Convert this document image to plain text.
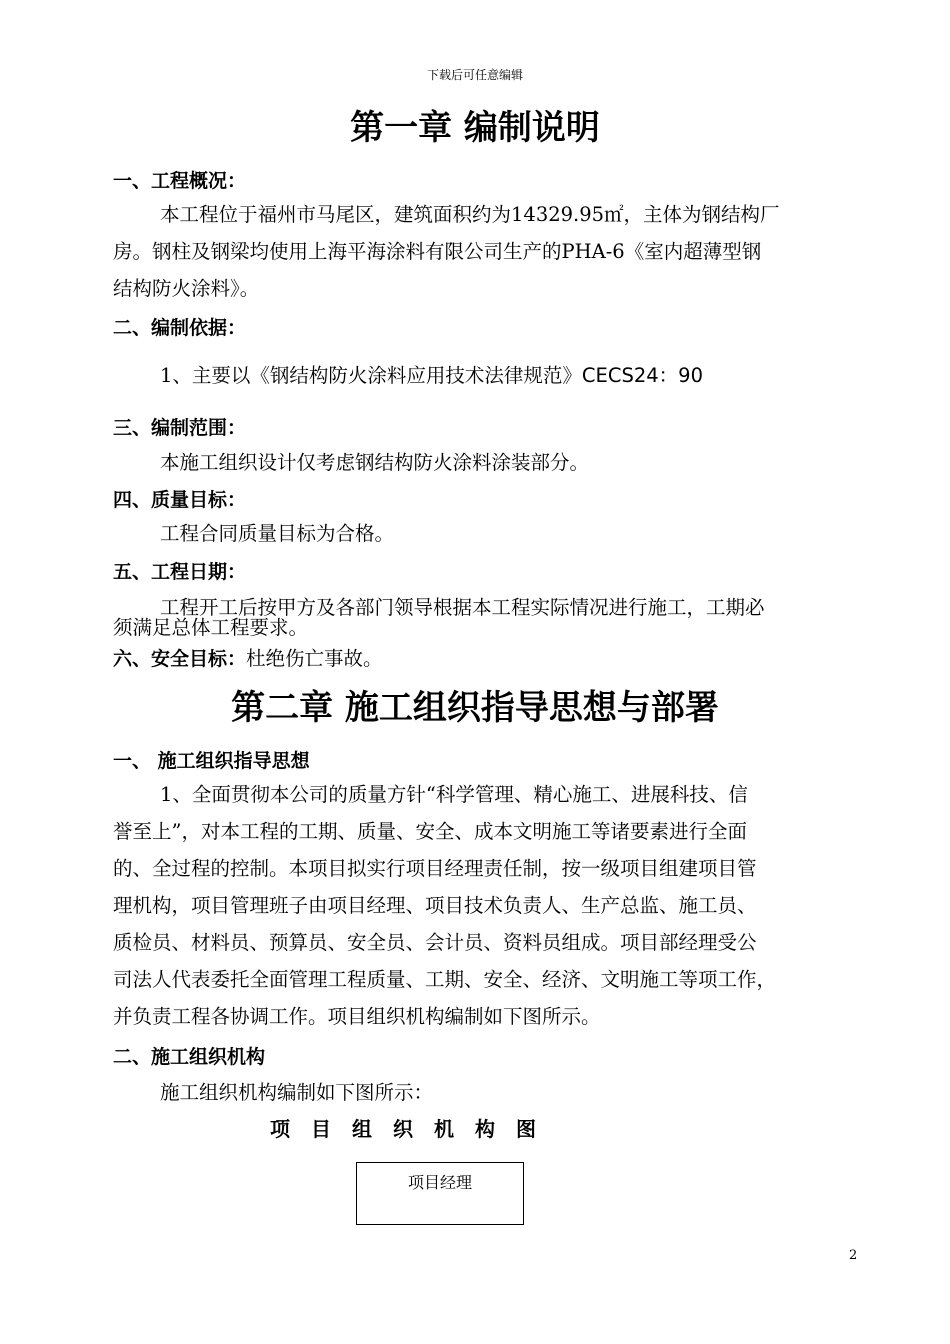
下载后可任意编辑
第一章 编制说明
一、工程概况：
本工程位于福州市马尾区，建筑面积约为14329.95㎡，主体为钢结构厂
房。钢柱及钢梁均使用上海平海涂料有限公司生产的PHA-6《室内超薄型钢
结构防火涂料》。
二、编制依据：
1、主要以《钢结构防火涂料应用技术法律规范》CECS24：90
三、编制范围：
本施工组织设计仅考虑钢结构防火涂料涂装部分。
四、质量目标：
工程合同质量目标为合格。
五、工程日期：
工程开工后按甲方及各部门领导根据本工程实际情况进行施工，工期必
须满足总体工程要求。
六、安全目标：杜绝伤亡事故。
第二章 施工组织指导思想与部署
一、 施工组织指导思想
1、全面贯彻本公司的质量方针“科学管理、精心施工、进展科技、信
誉至上”，对本工程的工期、质量、安全、成本文明施工等诸要素进行全面
的、全过程的控制。本项目拟实行项目经理责任制，按一级项目组建项目管
理机构，项目管理班子由项目经理、项目技术负责人、生产总监、施工员、
质检员、材料员、预算员、安全员、会计员、资料员组成。项目部经理受公
司法人代表委托全面管理工程质量、工期、安全、经济、文明施工等项工作，
并负责工程各协调工作。项目组织机构编制如下图所示。
二、施工组织机构
施工组织机构编制如下图所示：
项目组织机构图
项目经理
2
